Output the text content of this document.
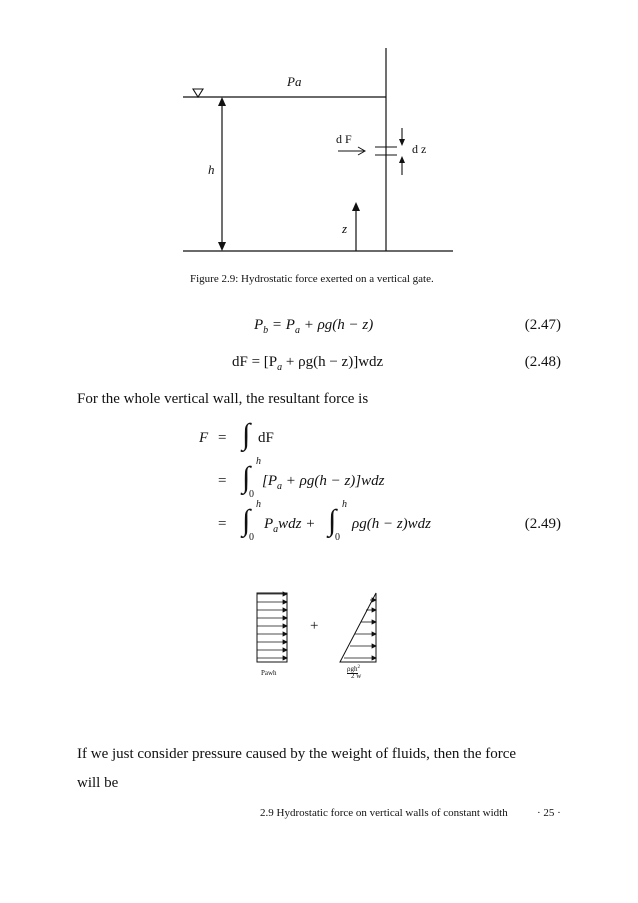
Pa
h
d F
d z
z
Figure 2.9: Hydrostatic force exerted on a vertical gate.
$P_b = P_a + \rho g(h - z)$	(2.47)
dF = $[P_a + \rho g(h - z)]wdz$	(2.48)
For the whole vertical wall, the resultant force is
F =
=
=
∫ dF
∫ h
0
$[P_a + \rho g(h - z)]wdz$
∫ h
0
$P_awdz$ + ∫ h
0
ρg(h − z)wdz	(2.49)
+
Pawh	ρgh$^2$
2 w
If we just consider pressure caused by the weight of fluids, then the force
will be
2.9 Hydrostatic force on vertical walls of constant width	· 25 ·
